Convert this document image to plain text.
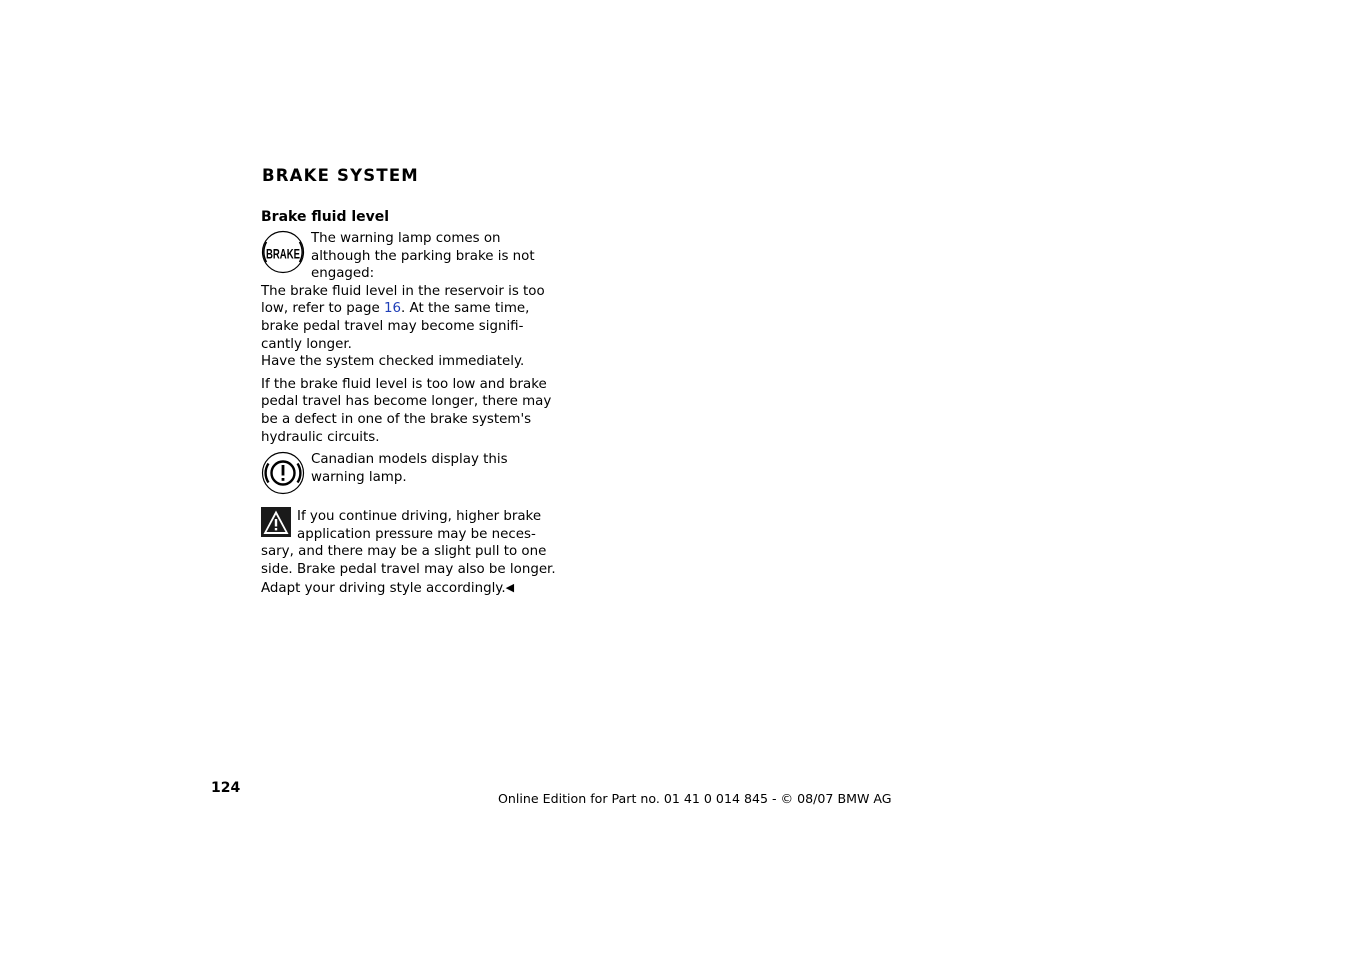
BRAKE SYSTEM
Brake fluid level
BRAKE
The warning lamp comes on
although the parking brake is not
engaged:
The brake fluid level in the reservoir is too
low, refer to page 16. At the same time,
brake pedal travel may become signifi-
cantly longer.
Have the system checked immediately.
If the brake fluid level is too low and brake
pedal travel has become longer, there may
be a defect in one of the brake system's
hydraulic circuits.
Canadian models display this
warning lamp.
If you continue driving, higher brake
application pressure may be neces-
sary, and there may be a slight pull to one
side. Brake pedal travel may also be longer.
Adapt your driving style accordingly.◀
124
Online Edition for Part no. 01 41 0 014 845 - © 08/07 BMW AG
